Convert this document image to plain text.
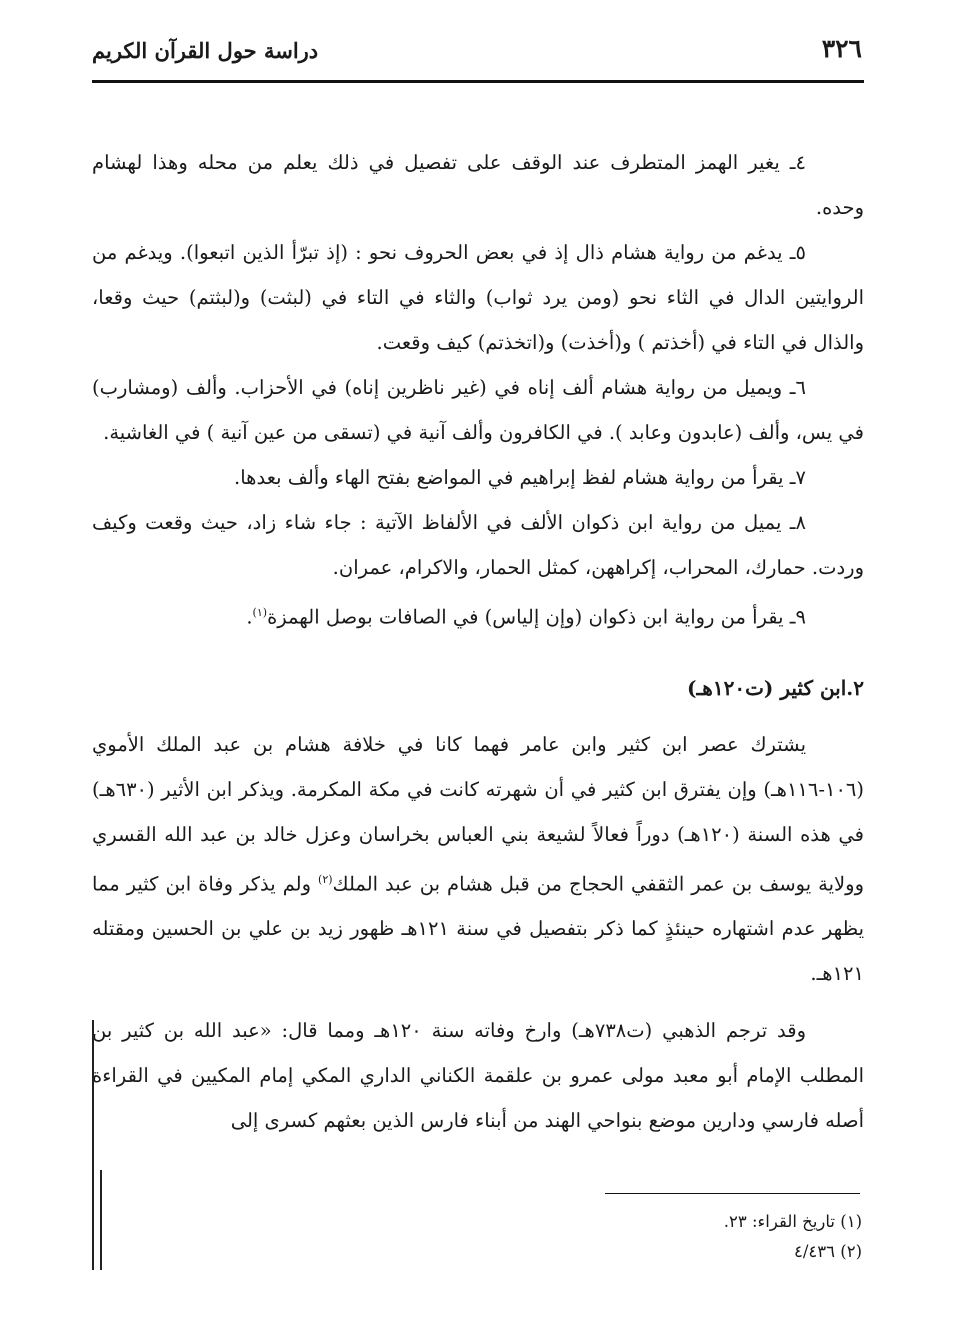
٣٢٦
دراسة حول القرآن الكريم

٤ـ يغير الهمز المتطرف عند الوقف على تفصيل في ذلك يعلم من محله وهذا لهشام وحده.

٥ـ يدغم من رواية هشام ذال إذ في بعض الحروف نحو : (إذ تبرّأ الذين اتبعوا). ويدغم من الروايتين الدال في الثاء نحو (ومن يرد ثواب) والثاء في التاء في (لبثت) و(لبثتم) حيث وقعا، والذال في التاء في (أخذتم ) و(أخذت) و(اتخذتم) كيف وقعت.

٦ـ ويميل من رواية هشام ألف إناه في (غير ناظرين إناه) في الأحزاب. وألف (ومشارب) في يس، وألف (عابدون وعابد ). في الكافرون وألف آنية في (تسقى من عين آنية ) في الغاشية.

٧ـ يقرأ من رواية هشام لفظ إبراهيم في المواضع بفتح الهاء وألف بعدها.

٨ـ يميل من رواية ابن ذكوان الألف في الألفاظ الآتية : جاء شاء زاد، حيث وقعت وكيف وردت. حمارك، المحراب، إكراههن، كمثل الحمار، والاكرام، عمران.

٩ـ يقرأ من رواية ابن ذكوان (وإن إلياس) في الصافات بوصل الهمزة$^{(١)}$.

٢.ابن كثير (ت١٢٠هـ)

يشترك عصر ابن كثير وابن عامر فهما كانا في خلافة هشام بن عبد الملك الأموي (١٠٦-١١٦هـ) وإن يفترق ابن كثير في أن شهرته كانت في مكة المكرمة. ويذكر ابن الأثير (٦٣٠هـ) في هذه السنة (١٢٠هـ) دوراً فعالاً لشيعة بني العباس بخراسان وعزل خالد بن عبد الله القسري وولاية يوسف بن عمر الثقفي الحجاج من قبل هشام بن عبد الملك$^{(٢)}$ ولم يذكر وفاة ابن كثير مما يظهر عدم اشتهاره حينئذٍ كما ذكر بتفصيل في سنة ١٢١هـ ظهور زيد بن علي بن الحسين ومقتله ١٢١هـ.

وقد ترجم الذهبي (ت٧٣٨هـ) وارخ وفاته سنة ١٢٠هـ ومما قال: «عبد الله بن كثير بن المطلب الإمام أبو معبد مولى عمرو بن علقمة الكناني الداري المكي إمام المكيين في القراءة أصله فارسي ودارين موضع بنواحي الهند من أبناء فارس الذين بعثهم كسرى إلى

(١) تاريخ القراء: ٢٣.

(٢) ٤/٤٣٦
